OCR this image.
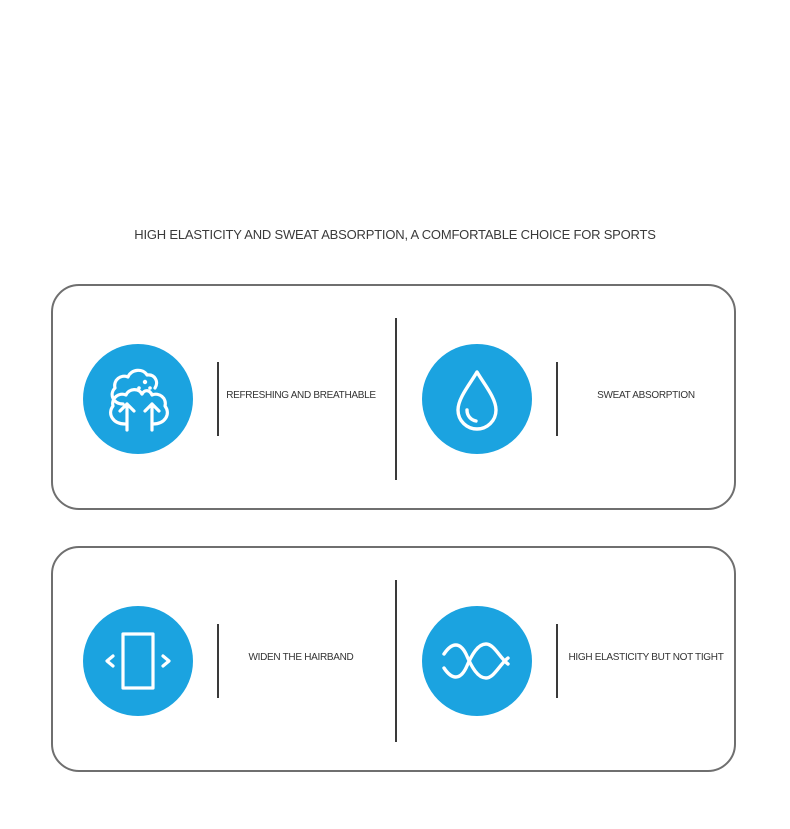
HIGH ELASTICITY AND SWEAT ABSORPTION, A COMFORTABLE CHOICE FOR SPORTS
REFRESHING AND BREATHABLE	SWEAT ABSORPTION
WIDEN THE HAIRBAND	HIGH ELASTICITY BUT NOT TIGHT
